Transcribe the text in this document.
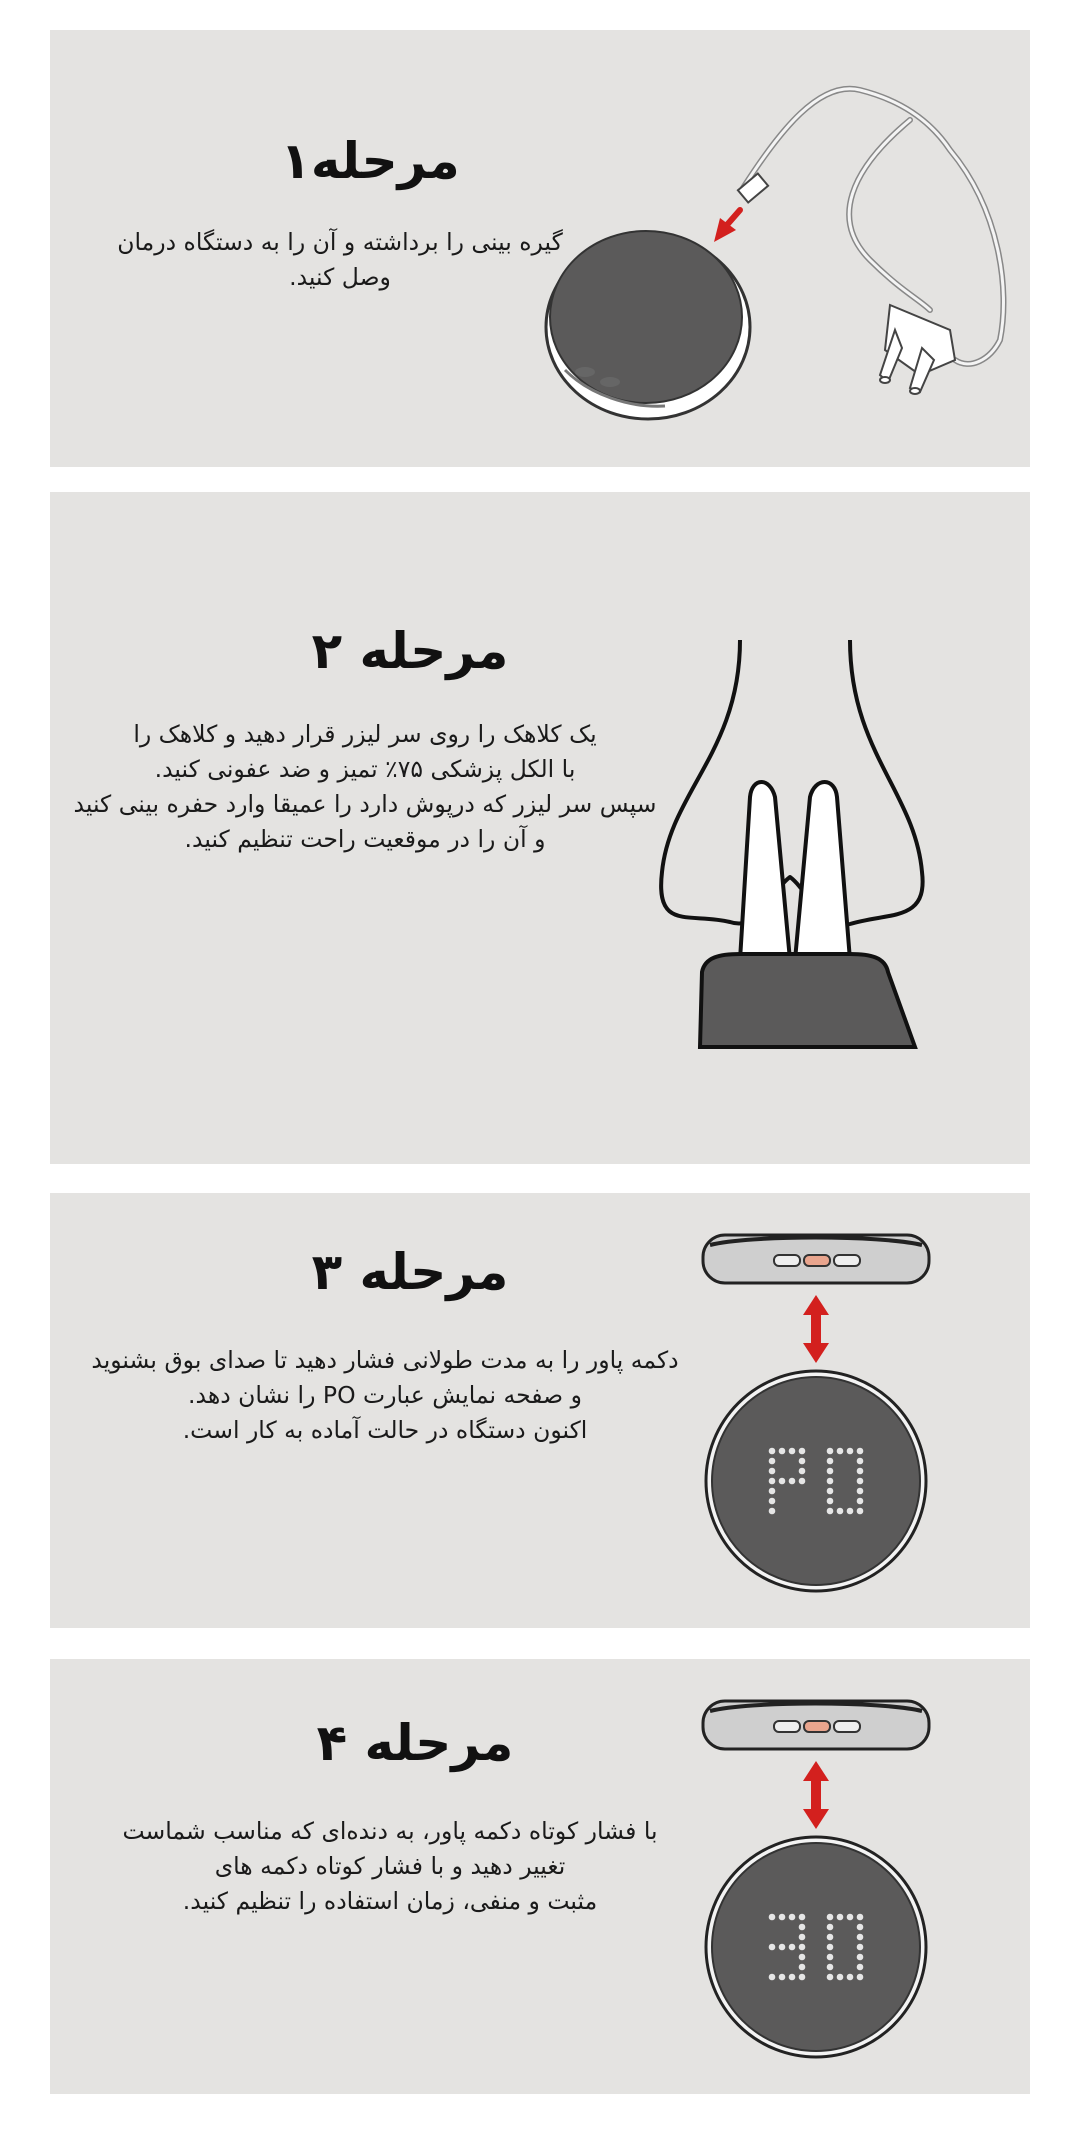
مرحله۱
گیره بینی را برداشته و آن را به دستگاه درمان
وصل کنید.
مرحله ۲
یک کلاهک را روی سر لیزر قرار دهید و کلاهک را
با الکل پزشکی ۷۵٪ تمیز و ضد عفونی کنید.
سپس سر لیزر که درپوش دارد را عمیقا وارد حفره بینی کنید
و آن را در موقعیت راحت تنظیم کنید.
مرحله ۳
دکمه پاور را به مدت طولانی فشار دهید تا صدای بوق بشنوید
و صفحه نمایش عبارت PO را نشان دهد.
اکنون دستگاه در حالت آماده به کار است.
مرحله ۴
با فشار کوتاه دکمه پاور، به دنده‌ای که مناسب شماست
تغییر دهید و با فشار کوتاه دکمه های
مثبت و منفی، زمان استفاده را تنظیم کنید.
